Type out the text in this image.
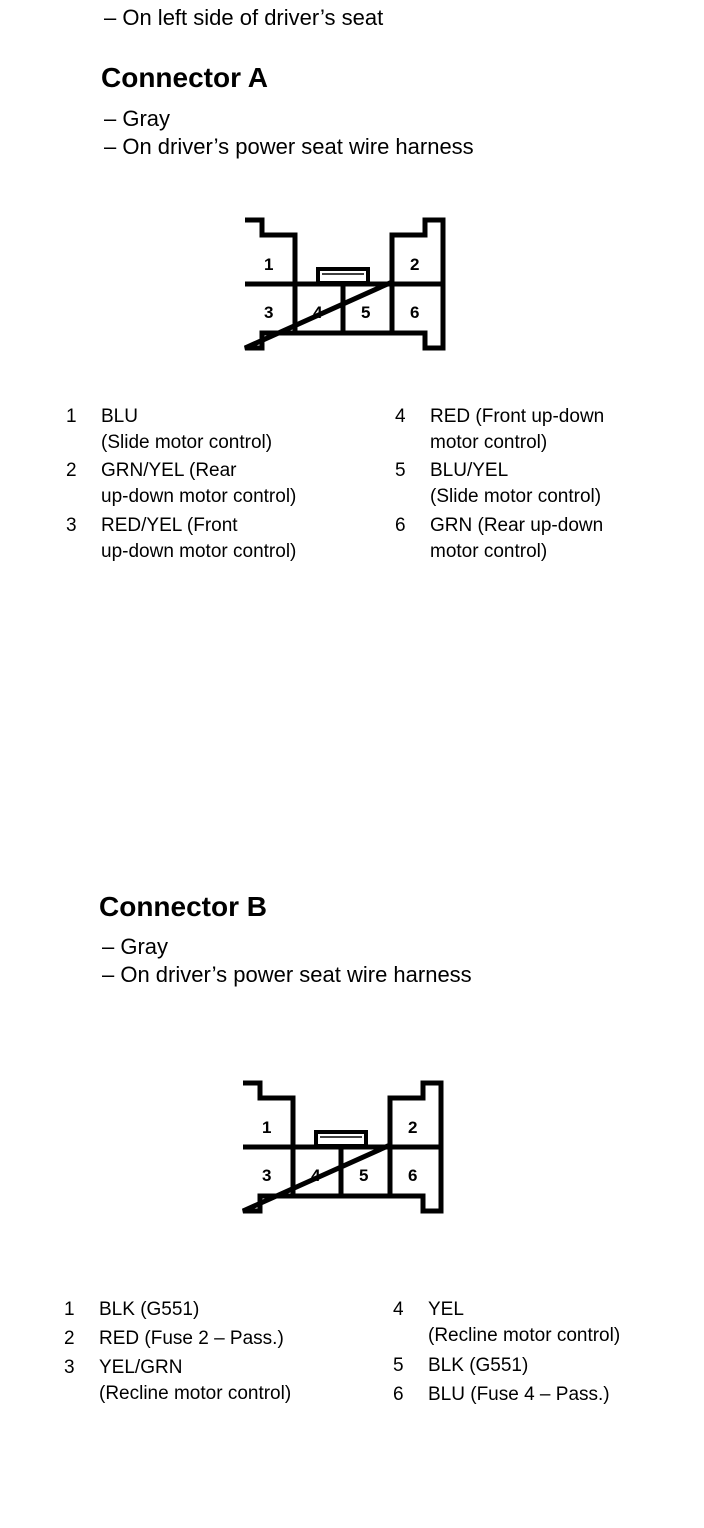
– On left side of driver’s seat
Connector A
– Gray
– On driver’s power seat wire harness
1	2
3 4 5 6
1 BLU
(Slide motor control)
2 GRN/YEL (Rear
up-down motor control)
3 RED/YEL (Front
up-down motor control)
4 RED (Front up-down
motor control)
5 BLU/YEL
(Slide motor control)
6 GRN (Rear up-down
motor control)
Connector B
– Gray
– On driver’s power seat wire harness
1	2
3 4 5 6
1 BLK (G551)
2 RED (Fuse 2 – Pass.)
3 YEL/GRN
(Recline motor control)
4 YEL
(Recline motor control)
5 BLK (G551)
6 BLU (Fuse 4 – Pass.)
